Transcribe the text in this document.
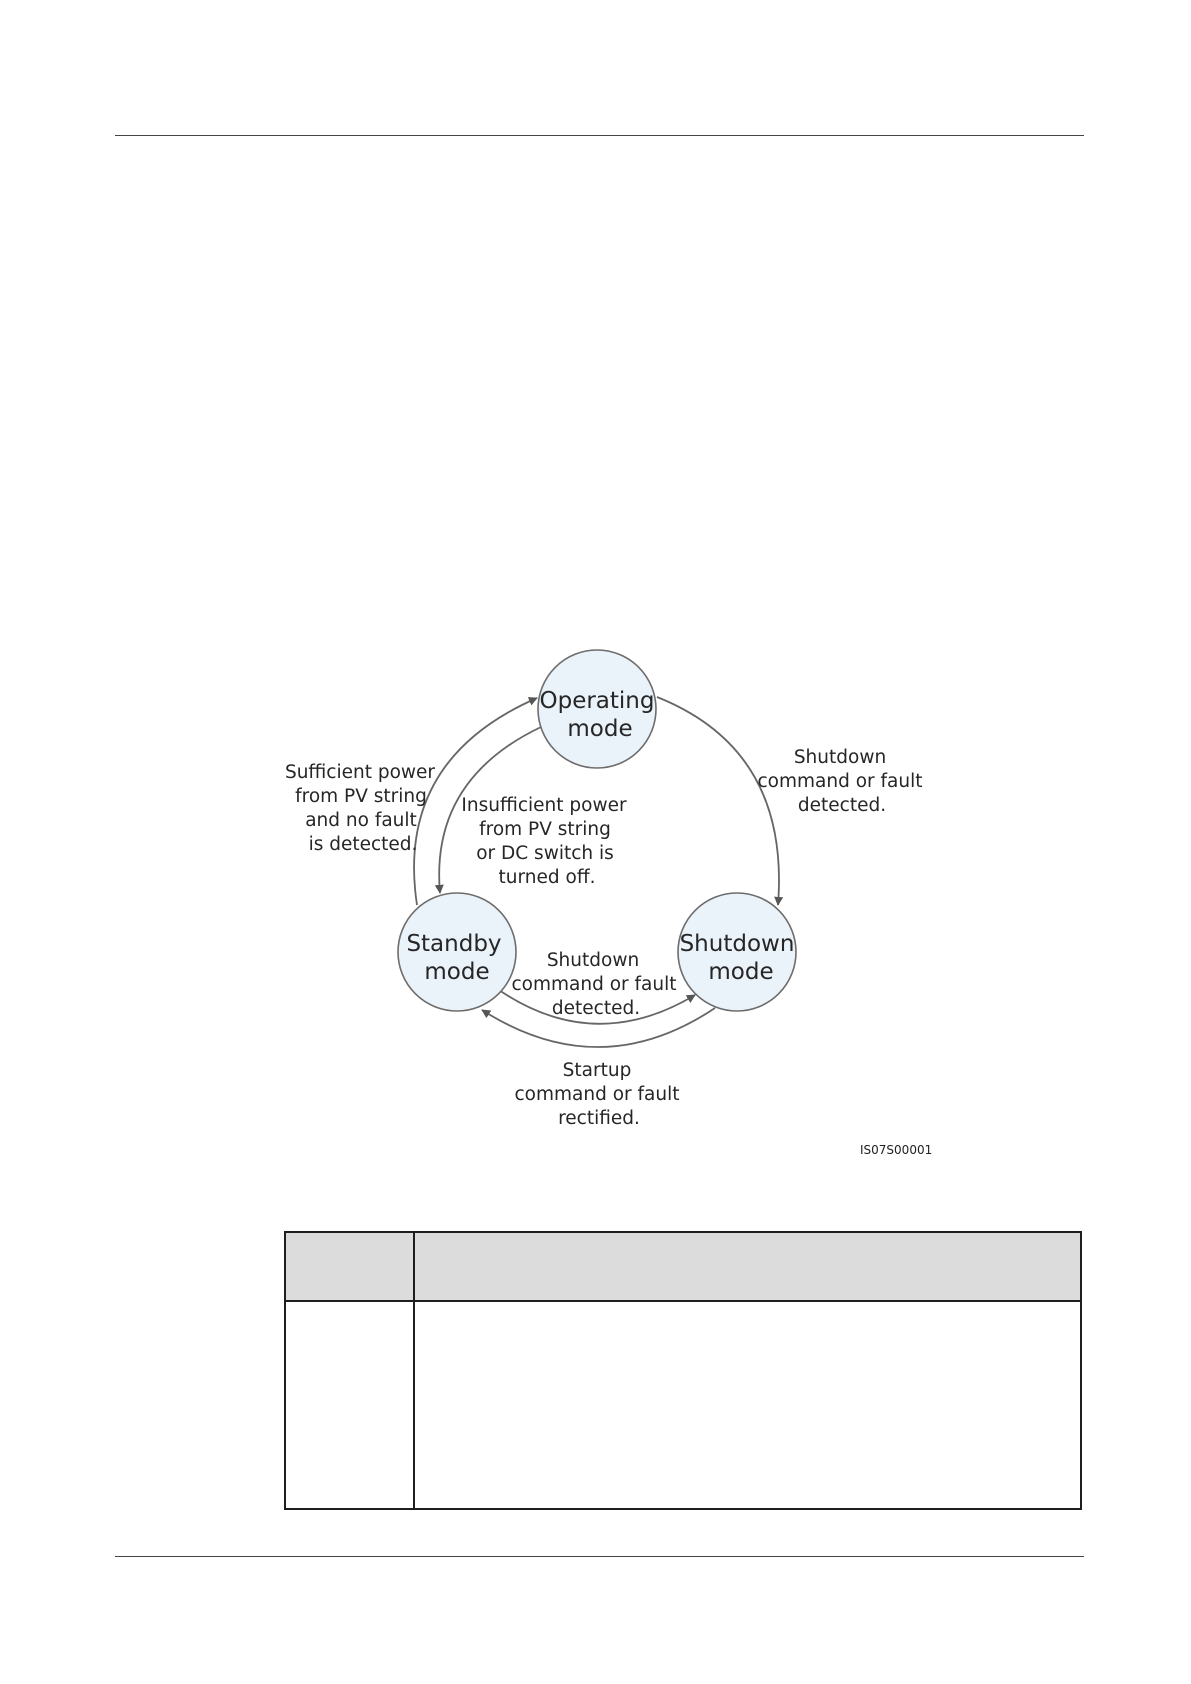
Operating
mode
Standby
mode
Shutdown
mode
Sufficient power
from PV string
and no fault
is detected.
Insufficient power
from PV string
or DC switch is
turned off.
Shutdown
command or fault
detected.
Shutdown
command or fault
detected.
Startup
command or fault
rectified.
IS07S00001
